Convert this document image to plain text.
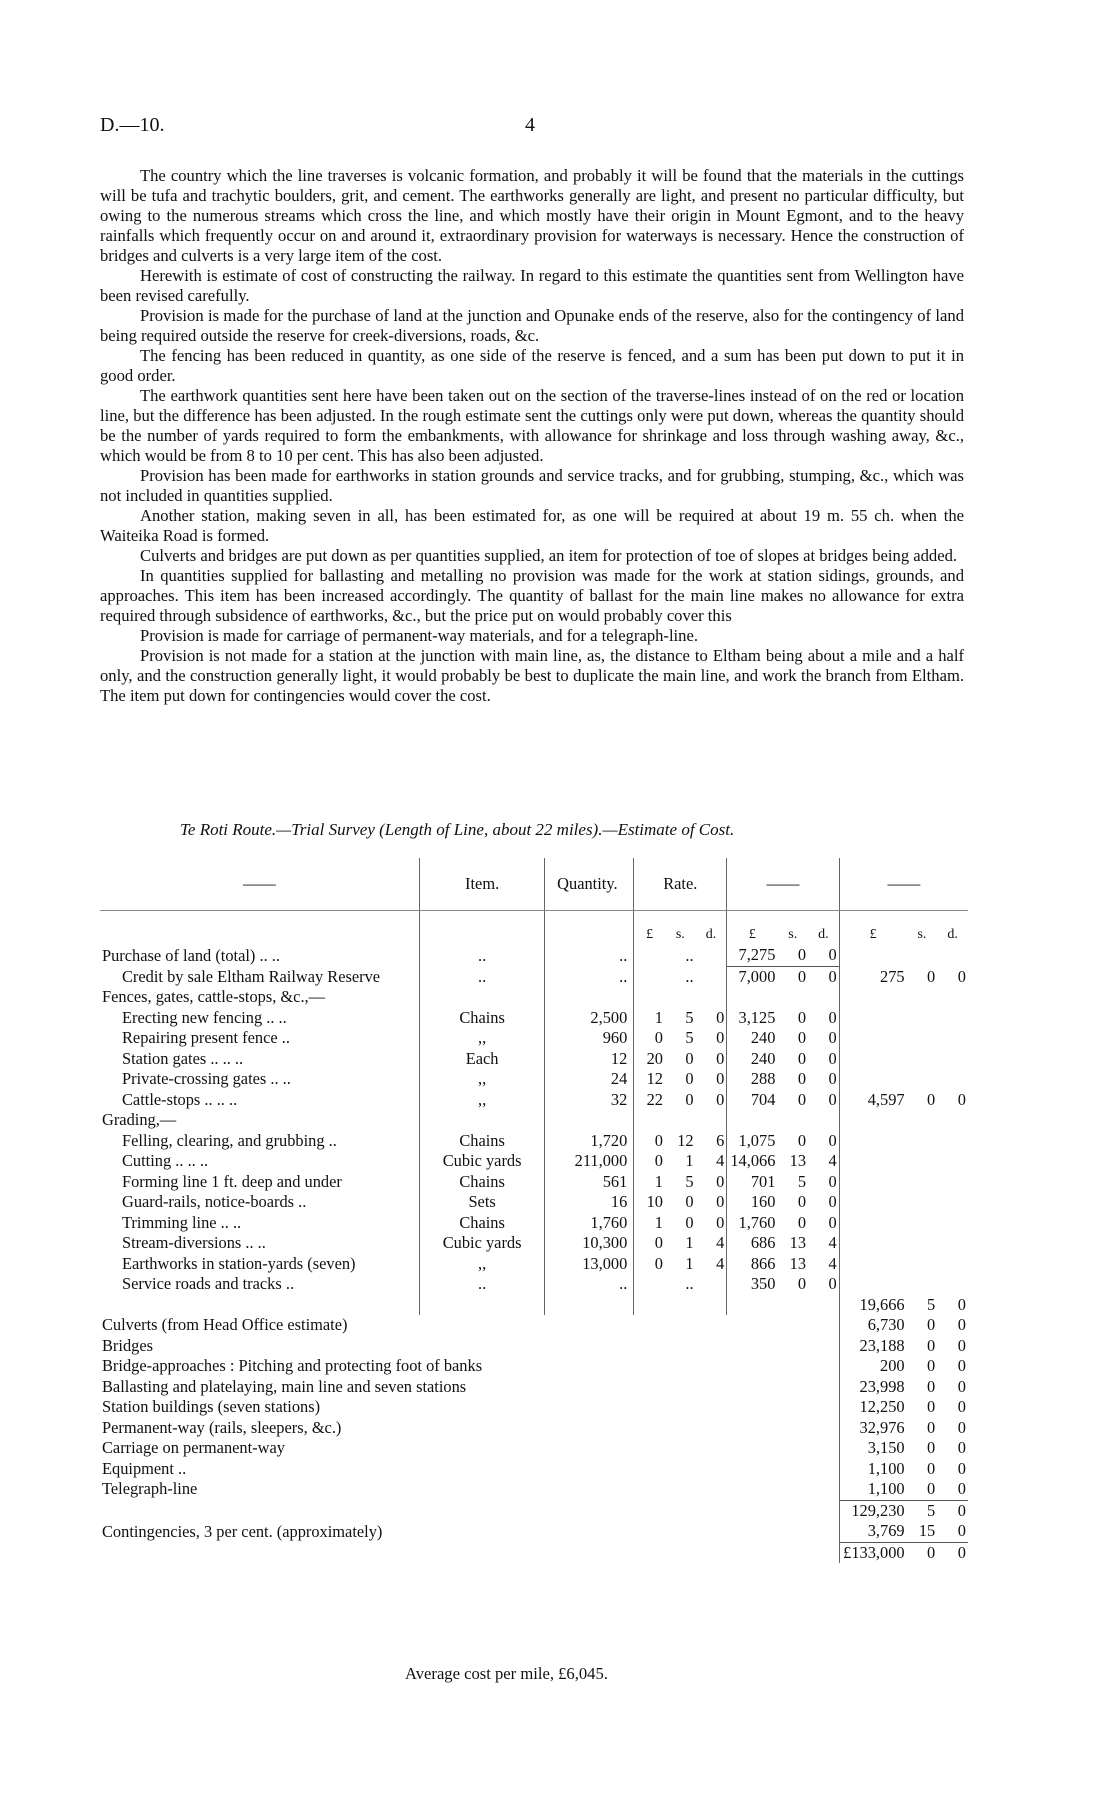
D.—10.	4

The country which the line traverses is volcanic formation, and probably it will be found that the materials in the cuttings will be tufa and trachytic boulders, grit, and cement. The earthworks generally are light, and present no particular difficulty, but owing to the numerous streams which cross the line, and which mostly have their origin in Mount Egmont, and to the heavy rainfalls which frequently occur on and around it, extraordinary provision for waterways is necessary. Hence the construction of bridges and culverts is a very large item of the cost.

Herewith is estimate of cost of constructing the railway. In regard to this estimate the quantities sent from Wellington have been revised carefully.

Provision is made for the purchase of land at the junction and Opunake ends of the reserve, also for the contingency of land being required outside the reserve for creek-diversions, roads, &c.

The fencing has been reduced in quantity, as one side of the reserve is fenced, and a sum has been put down to put it in good order.

The earthwork quantities sent here have been taken out on the section of the traverse-lines instead of on the red or location line, but the difference has been adjusted. In the rough estimate sent the cuttings only were put down, whereas the quantity should be the number of yards required to form the embankments, with allowance for shrinkage and loss through washing away, &c., which would be from 8 to 10 per cent. This has also been adjusted.

Provision has been made for earthworks in station grounds and service tracks, and for grubbing, stumping, &c., which was not included in quantities supplied.

Another station, making seven in all, has been estimated for, as one will be required at about 19 m. 55 ch. when the Waiteika Road is formed.

Culverts and bridges are put down as per quantities supplied, an item for protection of toe of slopes at bridges being added.

In quantities supplied for ballasting and metalling no provision was made for the work at station sidings, grounds, and approaches. This item has been increased accordingly. The quantity of ballast for the main line makes no allowance for extra required through subsidence of earthworks, &c., but the price put on would probably cover this

Provision is made for carriage of permanent-way materials, and for a telegraph-line.

Provision is not made for a station at the junction with main line, as, the distance to Eltham being about a mile and a half only, and the construction generally light, it would probably be best to duplicate the main line, and work the branch from Eltham. The item put down for contingencies would cover the cost.

Te Roti Route.—Trial Survey (Length of Line, about 22 miles).—Estimate of Cost.
——	Item.	Quantity.	Rate.			——			——		
			£	s.	d.	£	s.	d.	£	s.	d.
Purchase of land (total) .. ..	..	..		..		7,275	0	0			

Credit by sale Eltham Railway Reserve	..	..		..		7,000	0	0	275	0	0
Fences, gates, cattle-stops, &c.,—											

Erecting new fencing .. ..	Chains	2,500	1	5	0	3,125	0	0			

Repairing present fence ..	,,	960	0	5	0	240	0	0			

Station gates .. .. ..	Each	12	20	0	0	240	0	0			

Private-crossing gates .. ..	,,	24	12	0	0	288	0	0			

Cattle-stops .. .. ..	,,	32	22	0	0	704	0	0	4,597	0	0
Grading,—											

Felling, clearing, and grubbing ..	Chains	1,720	0	12	6	1,075	0	0			

Cutting .. .. ..	Cubic yards	211,000	0	1	4	14,066	13	4			

Forming line 1 ft. deep and under	Chains	561	1	5	0	701	5	0			

Guard-rails, notice-boards ..	Sets	16	10	0	0	160	0	0			

Trimming line .. ..	Chains	1,760	1	0	0	1,760	0	0			

Stream-diversions .. ..	Cubic yards	10,300	0	1	4	686	13	4			

Earthworks in station-yards (seven)	,,	13,000	0	1	4	866	13	4			

Service roads and tracks ..	..	..		..		350	0	0			
									19,666	5	0
Culverts (from Head Office estimate)									6,730	0	0
Bridges									23,188	0	0
Bridge-approaches : Pitching and protecting foot of banks									200	0	0
Ballasting and platelaying, main line and seven stations									23,998	0	0
Station buildings (seven stations)									12,250	0	0
Permanent-way (rails, sleepers, &c.)									32,976	0	0
Carriage on permanent-way									3,150	0	0
Equipment ..									1,100	0	0
Telegraph-line									1,100	0	0

									129,230	5	0
Contingencies, 3 per cent. (approximately)									3,769	15	0
									£133,000	0	0
Average cost per mile, £6,045.
